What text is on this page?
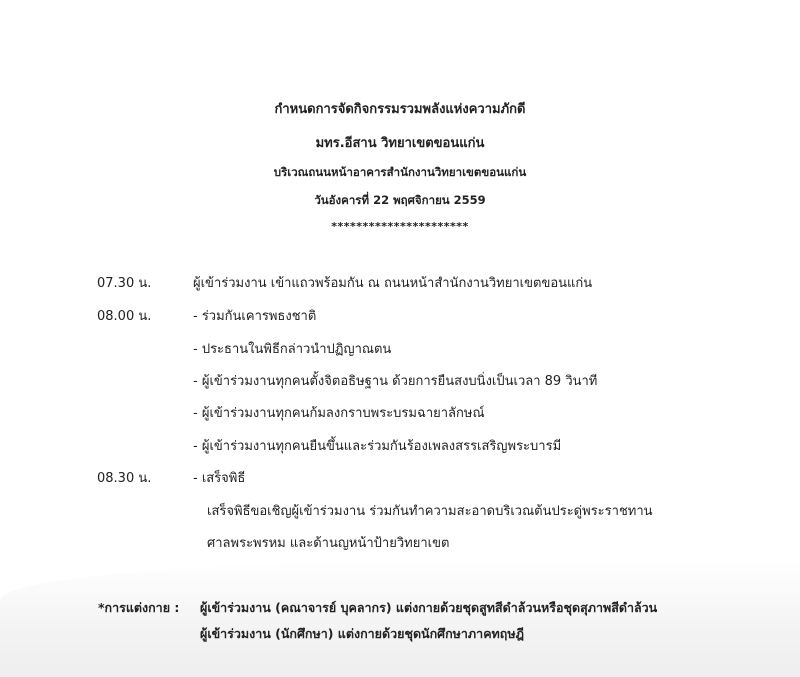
กำหนดการจัดกิจกรรมรวมพลังแห่งความภักดี
มทร.อีสาน วิทยาเขตขอนแก่น
บริเวณถนนหน้าอาคารสำนักงานวิทยาเขตขอนแก่น
วันอังคารที่ 22 พฤศจิกายน 2559
**********************
07.30 น.	ผู้เข้าร่วมงาน เข้าแถวพร้อมกัน ณ ถนนหน้าสำนักงานวิทยาเขตขอนแก่น
08.00 น.	- ร่วมกันเคารพธงชาติ
- ประธานในพิธีกล่าวนำปฏิญาณตน
- ผู้เข้าร่วมงานทุกคนตั้งจิตอธิษฐาน ด้วยการยืนสงบนิ่งเป็นเวลา 89 วินาที
- ผู้เข้าร่วมงานทุกคนก้มลงกราบพระบรมฉายาลักษณ์
- ผู้เข้าร่วมงานทุกคนยืนขึ้นและร่วมกันร้องเพลงสรรเสริญพระบารมี
08.30 น.	- เสร็จพิธี
เสร็จพิธีขอเชิญผู้เข้าร่วมงาน ร่วมกันทำความสะอาดบริเวณต้นประดู่พระราชทาน
ศาลพระพรหม และด้านญหน้าป้ายวิทยาเขต
*การแต่งกาย : ผู้เข้าร่วมงาน (คณาจารย์ บุคลากร) แต่งกายด้วยชุดสูทสีดำล้วนหรือชุดสุภาพสีดำล้วน
ผู้เข้าร่วมงาน (นักศึกษา) แต่งกายด้วยชุดนักศึกษาภาคทฤษฎี
